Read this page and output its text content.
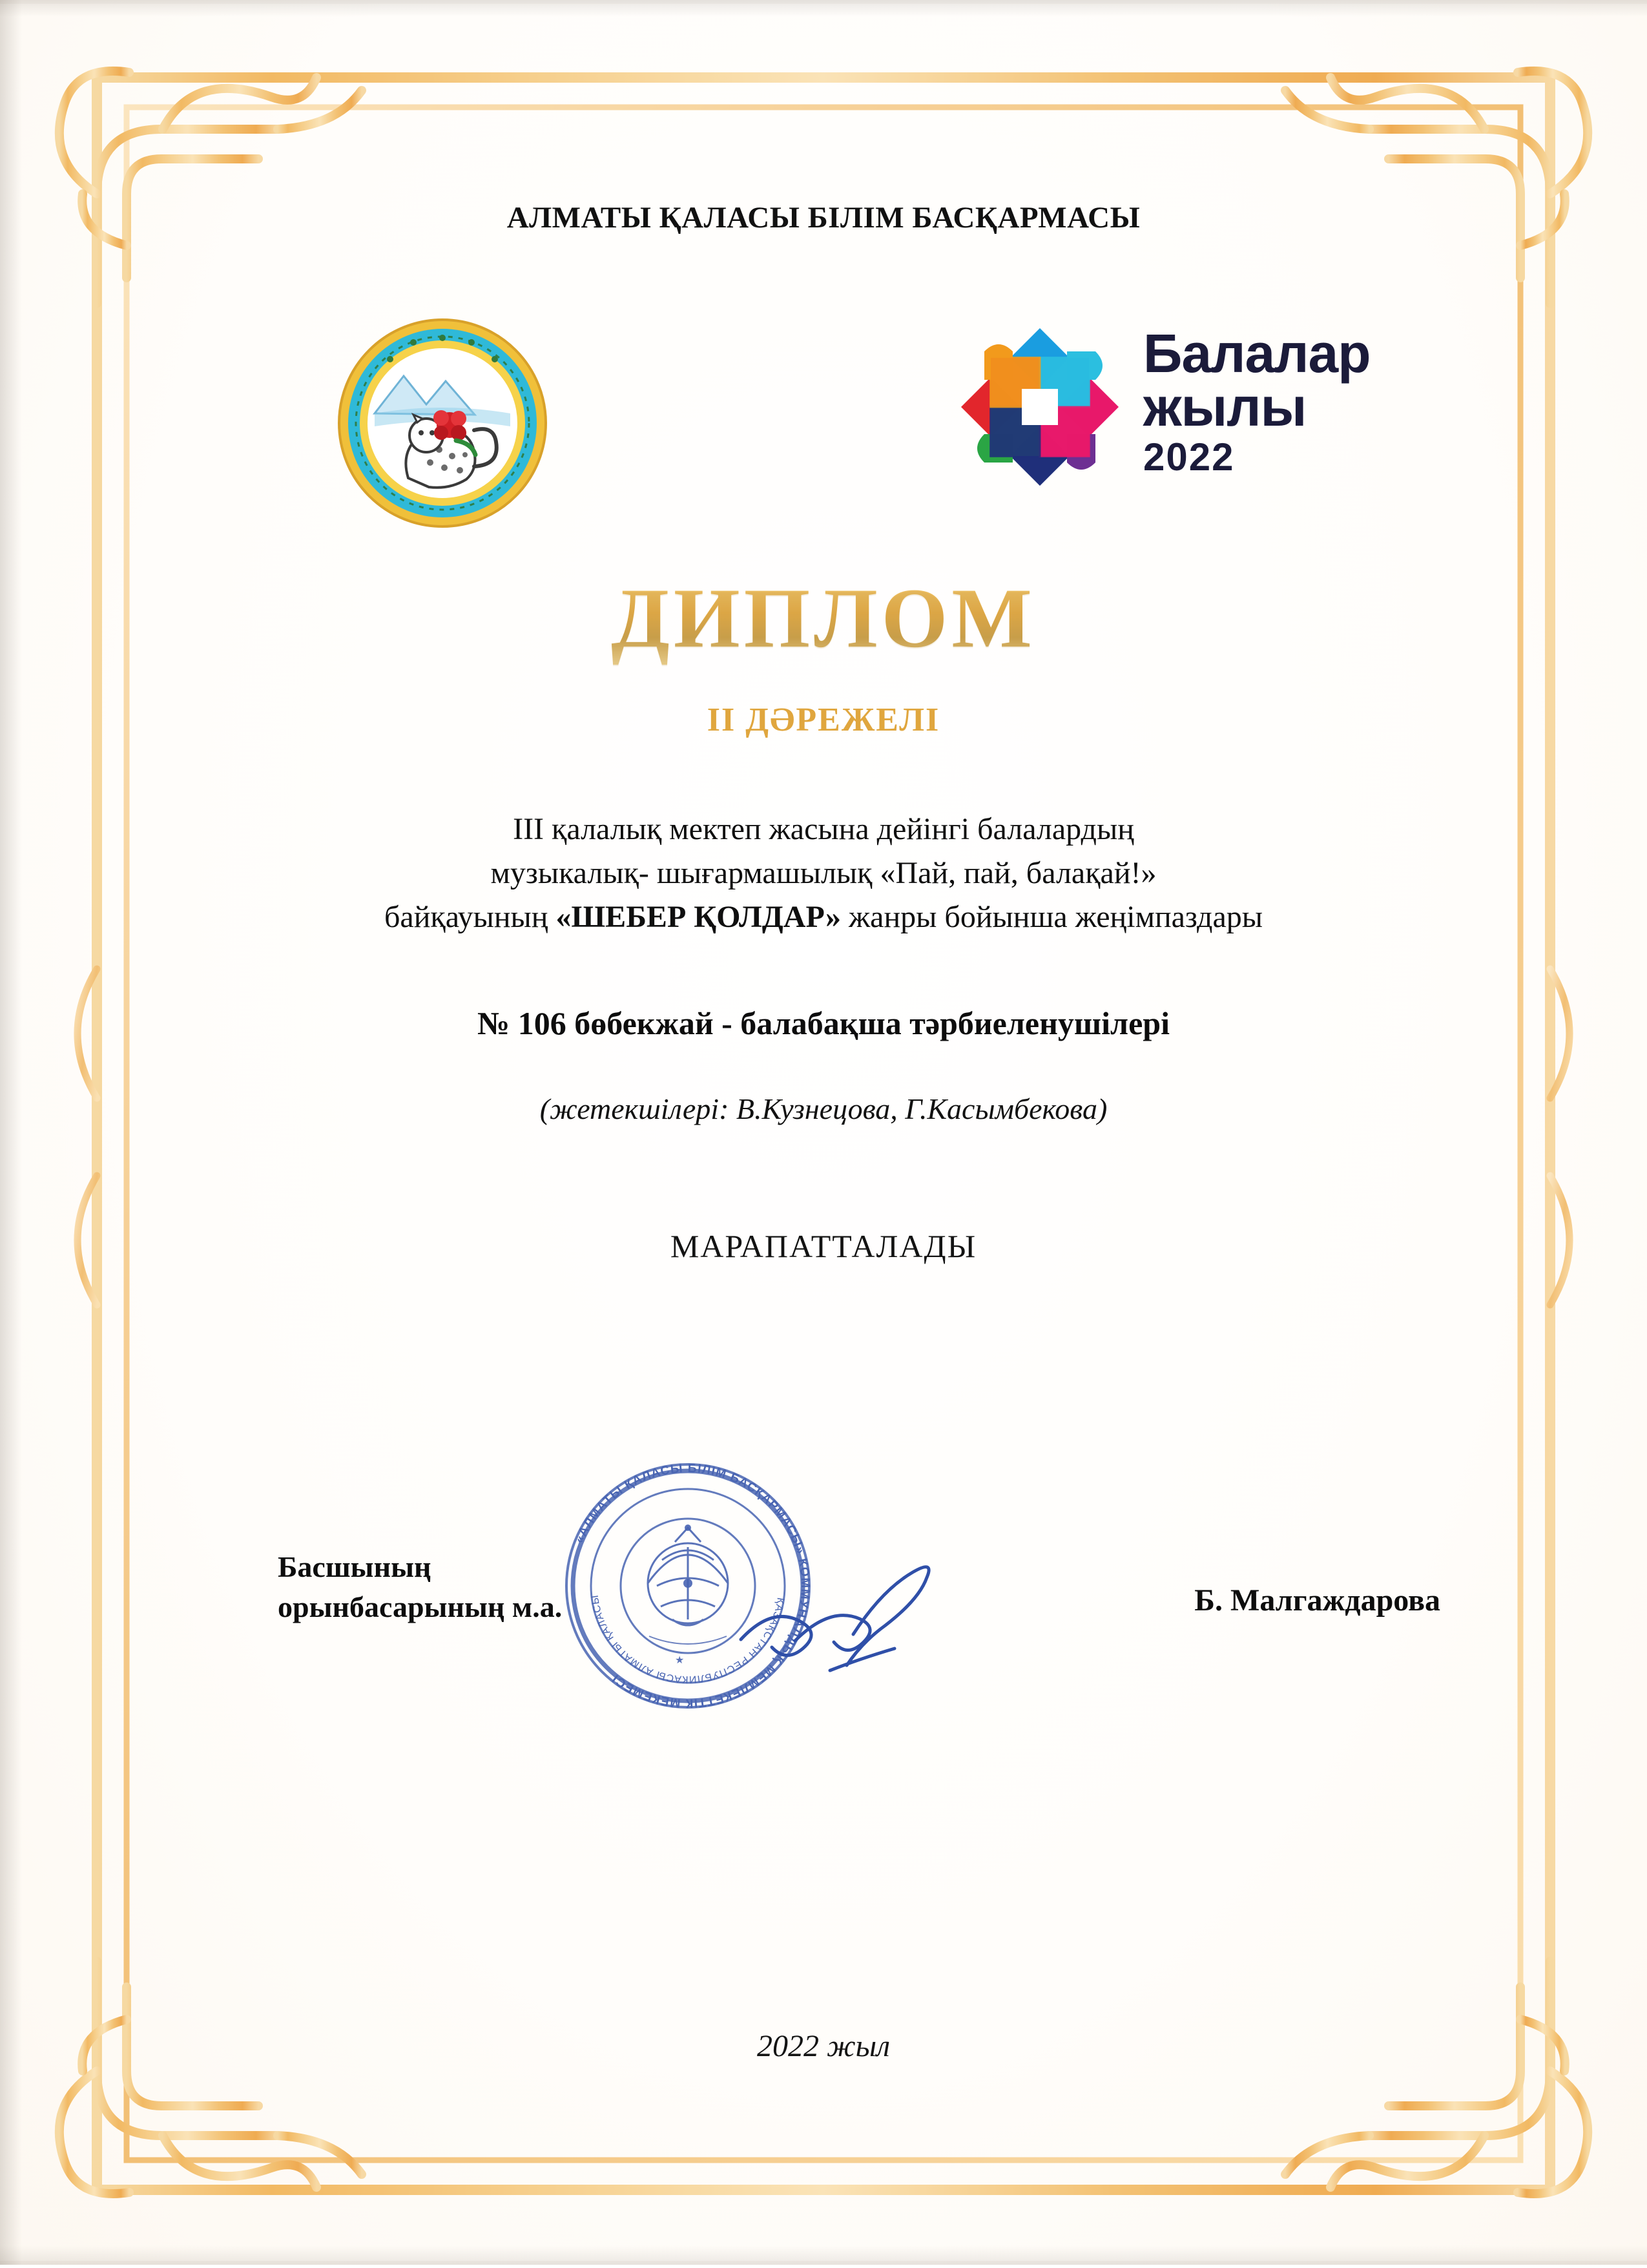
АЛМАТЫ ҚАЛАСЫ БІЛІМ БАСҚАРМАСЫ
Балалар
жылы
2022
ДИПЛОМ
II ДӘРЕЖЕЛІ
III қалалық мектеп жасына дейінгі балалардың
музыкалық- шығармашылық «Пай, пай, балақай!»
байқауының «ШЕБЕР ҚОЛДАР» жанры бойынша жеңімпаздары
№ 106 бөбекжай - балабақша тәрбиеленушілері
(жетекшілері: В.Кузнецова, Г.Касымбекова)
МАРАПАТТАЛАДЫ
Басшының
орынбасарының м.а.
«АЛМАТЫ ҚАЛАСЫ БІЛІМ БАСҚАРМАСЫ» КОММУНАЛДЫҚ МЕМЛЕКЕТТІК МЕКЕМЕСІ
ҚАЗАҚСТАН РЕСПУБЛИКАСЫ АЛМАТЫ ҚАЛАСЫ
★
Б. Малгаждарова
2022 жыл
